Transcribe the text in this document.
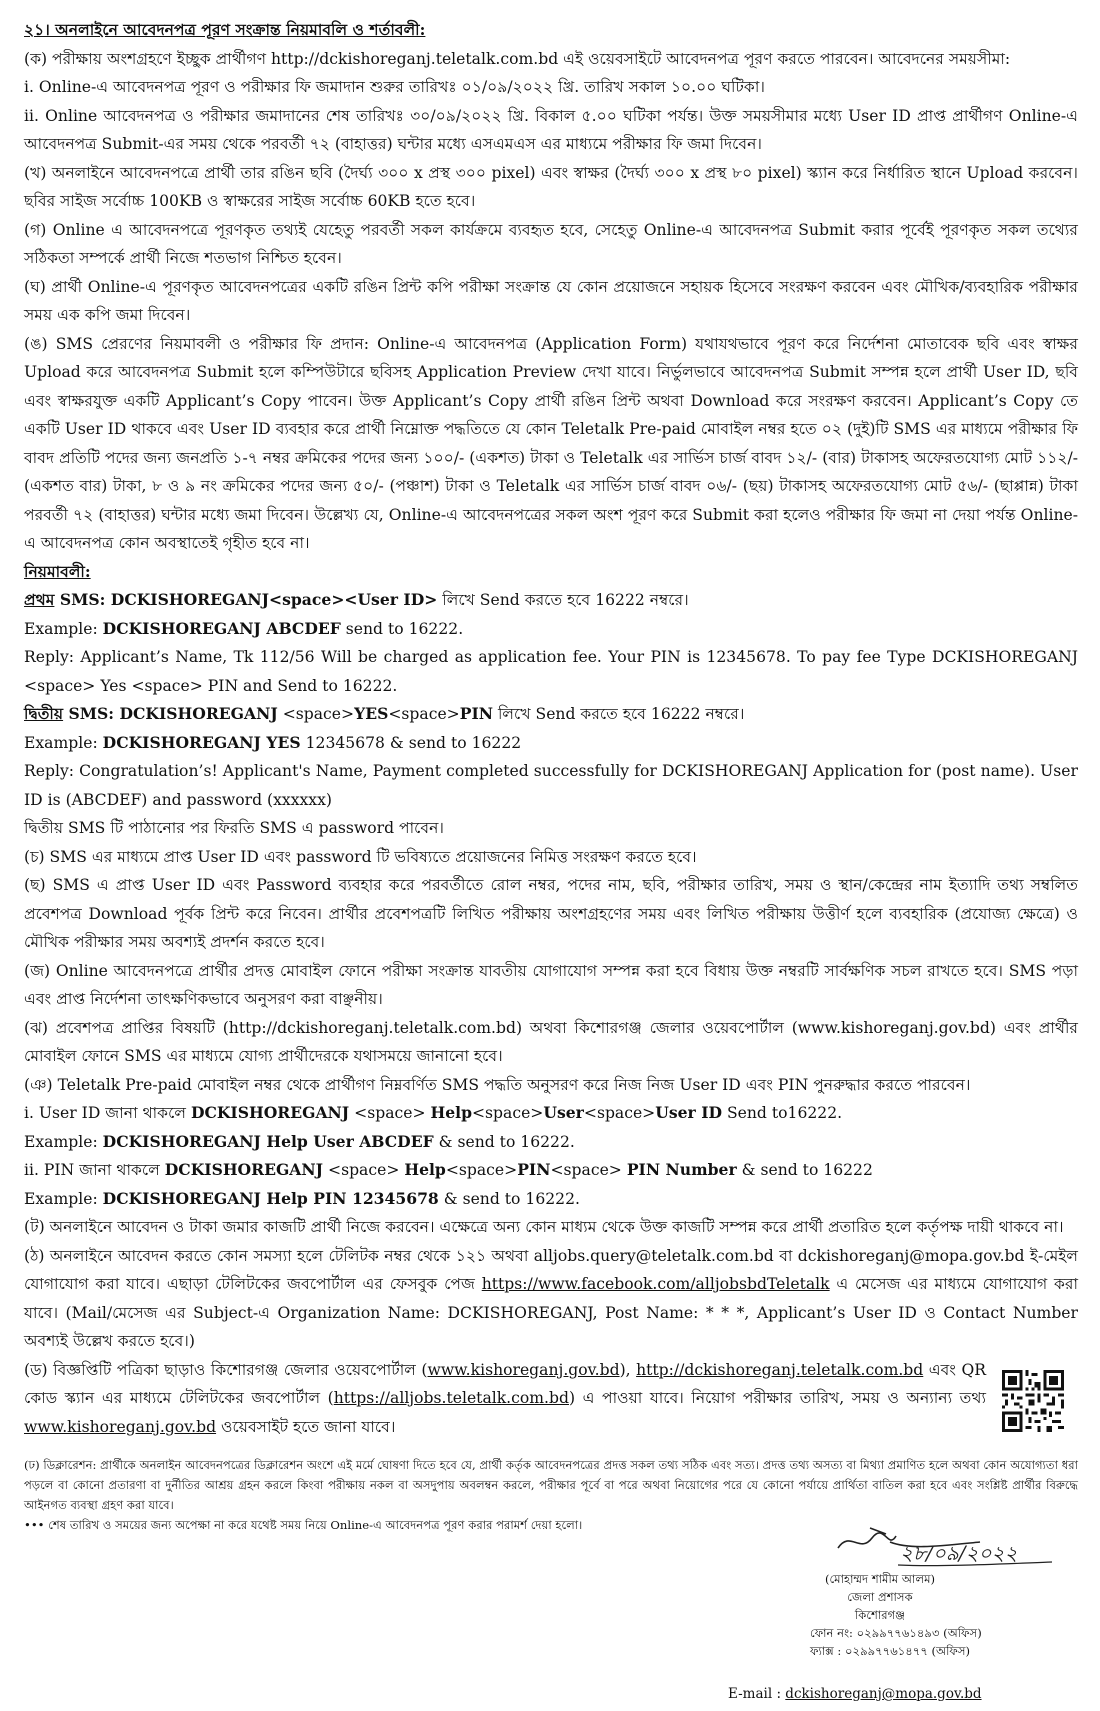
২১। অনলাইনে আবেদনপত্র পূরণ সংক্রান্ত নিয়মাবলি ও শর্তাবলী:

(ক) পরীক্ষায় অংশগ্রহণে ইচ্ছুক প্রার্থীগণ http://dckishoreganj.teletalk.com.bd এই ওয়েবসাইটে আবেদনপত্র পূরণ করতে পারবেন। আবেদনের সময়সীমা:

i. Online-এ আবেদনপত্র পূরণ ও পরীক্ষার ফি জমাদান শুরুর তারিখঃ ০১/০৯/২০২২ খ্রি. তারিখ সকাল ১০.০০ ঘটিকা।

ii. Online আবেদনপত্র ও পরীক্ষার জমাদানের শেষ তারিখঃ ৩০/০৯/২০২২ খ্রি. বিকাল ৫.০০ ঘটিকা পর্যন্ত। উক্ত সময়সীমার মধ্যে User ID প্রাপ্ত প্রার্থীগণ Online-এ আবেদনপত্র Submit-এর সময় থেকে পরবর্তী ৭২ (বাহাত্তর) ঘন্টার মধ্যে এসএমএস এর মাধ্যমে পরীক্ষার ফি জমা দিবেন।

(খ) অনলাইনে আবেদনপত্রে প্রার্থী তার রঙিন ছবি (দৈর্ঘ্য ৩০০ x প্রস্থ ৩০০ pixel) এবং স্বাক্ষর (দৈর্ঘ্য ৩০০ x প্রস্থ ৮০ pixel) স্ক্যান করে নির্ধারিত স্থানে Upload করবেন। ছবির সাইজ সর্বোচ্চ 100KB ও স্বাক্ষরের সাইজ সর্বোচ্চ 60KB হতে হবে।

(গ) Online এ আবেদনপত্রে পূরণকৃত তথ্যই যেহেতু পরবর্তী সকল কার্যক্রমে ব্যবহৃত হবে, সেহেতু Online-এ আবেদনপত্র Submit করার পূর্বেই পূরণকৃত সকল তথ্যের সঠিকতা সম্পর্কে প্রার্থী নিজে শতভাগ নিশ্চিত হবেন।

(ঘ) প্রার্থী Online-এ পূরণকৃত আবেদনপত্রের একটি রঙিন প্রিন্ট কপি পরীক্ষা সংক্রান্ত যে কোন প্রয়োজনে সহায়ক হিসেবে সংরক্ষণ করবেন এবং মৌখিক/ব্যবহারিক পরীক্ষার সময় এক কপি জমা দিবেন।

(ঙ) SMS প্রেরণের নিয়মাবলী ও পরীক্ষার ফি প্রদান: Online-এ আবেদনপত্র (Application Form) যথাযথভাবে পূরণ করে নির্দেশনা মোতাবেক ছবি এবং স্বাক্ষর Upload করে আবেদনপত্র Submit হলে কম্পিউটারে ছবিসহ Application Preview দেখা যাবে। নির্ভুলভাবে আবেদনপত্র Submit সম্পন্ন হলে প্রার্থী User ID, ছবি এবং স্বাক্ষরযুক্ত একটি Applicant’s Copy পাবেন। উক্ত Applicant’s Copy প্রার্থী রঙিন প্রিন্ট অথবা Download করে সংরক্ষণ করবেন। Applicant’s Copy তে একটি User ID থাকবে এবং User ID ব্যবহার করে প্রার্থী নিম্নোক্ত পদ্ধতিতে যে কোন Teletalk Pre-paid মোবাইল নম্বর হতে ০২ (দুই)টি SMS এর মাধ্যমে পরীক্ষার ফি বাবদ প্রতিটি পদের জন্য জনপ্রতি ১-৭ নম্বর ক্রমিকের পদের জন্য ১০০/- (একশত) টাকা ও Teletalk এর সার্ভিস চার্জ বাবদ ১২/- (বার) টাকাসহ অফেরতযোগ্য মোট ১১২/- (একশত বার) টাকা, ৮ ও ৯ নং ক্রমিকের পদের জন্য ৫০/- (পঞ্চাশ) টাকা ও Teletalk এর সার্ভিস চার্জ বাবদ ০৬/- (ছয়) টাকাসহ অফেরতযোগ্য মোট ৫৬/- (ছাপ্পান্ন) টাকা পরবর্তী ৭২ (বাহাত্তর) ঘন্টার মধ্যে জমা দিবেন। উল্লেখ্য যে, Online-এ আবেদনপত্রের সকল অংশ পূরণ করে Submit করা হলেও পরীক্ষার ফি জমা না দেয়া পর্যন্ত Online-এ আবেদনপত্র কোন অবস্থাতেই গৃহীত হবে না।

নিয়মাবলী:

প্রথম SMS: DCKISHOREGANJ<space><User ID> লিখে Send করতে হবে 16222 নম্বরে।

Example: DCKISHOREGANJ ABCDEF send to 16222.

Reply: Applicant’s Name, Tk 112/56 Will be charged as application fee. Your PIN is 12345678. To pay fee Type DCKISHOREGANJ <space> Yes <space> PIN and Send to 16222.

দ্বিতীয় SMS: DCKISHOREGANJ <space>YES<space>PIN লিখে Send করতে হবে 16222 নম্বরে।

Example: DCKISHOREGANJ YES 12345678 & send to 16222

Reply: Congratulation’s! Applicant's Name, Payment completed successfully for DCKISHOREGANJ Application for (post name). User ID is (ABCDEF) and password (xxxxxx)

দ্বিতীয় SMS টি পাঠানোর পর ফিরতি SMS এ password পাবেন।

(চ) SMS এর মাধ্যমে প্রাপ্ত User ID এবং password টি ভবিষ্যতে প্রয়োজনের নিমিত্ত সংরক্ষণ করতে হবে।

(ছ) SMS এ প্রাপ্ত User ID এবং Password ব্যবহার করে পরবর্তীতে রোল নম্বর, পদের নাম, ছবি, পরীক্ষার তারিখ, সময় ও স্থান/কেন্দ্রের নাম ইত্যাদি তথ্য সম্বলিত প্রবেশপত্র Download পূর্বক প্রিন্ট করে নিবেন। প্রার্থীর প্রবেশপত্রটি লিখিত পরীক্ষায় অংশগ্রহণের সময় এবং লিখিত পরীক্ষায় উত্তীর্ণ হলে ব্যবহারিক (প্রযোজ্য ক্ষেত্রে) ও মৌখিক পরীক্ষার সময় অবশ্যই প্রদর্শন করতে হবে।

(জ) Online আবেদনপত্রে প্রার্থীর প্রদত্ত মোবাইল ফোনে পরীক্ষা সংক্রান্ত যাবতীয় যোগাযোগ সম্পন্ন করা হবে বিধায় উক্ত নম্বরটি সার্বক্ষণিক সচল রাখতে হবে। SMS পড়া এবং প্রাপ্ত নির্দেশনা তাৎক্ষণিকভাবে অনুসরণ করা বাঞ্ছনীয়।

(ঝ) প্রবেশপত্র প্রাপ্তির বিষয়টি (http://dckishoreganj.teletalk.com.bd) অথবা কিশোরগঞ্জ জেলার ওয়েবপোর্টাল (www.kishoreganj.gov.bd) এবং প্রার্থীর মোবাইল ফোনে SMS এর মাধ্যমে যোগ্য প্রার্থীদেরকে যথাসময়ে জানানো হবে।

(ঞ) Teletalk Pre-paid মোবাইল নম্বর থেকে প্রার্থীগণ নিম্নবর্ণিত SMS পদ্ধতি অনুসরণ করে নিজ নিজ User ID এবং PIN পুনরুদ্ধার করতে পারবেন।

i. User ID জানা থাকলে DCKISHOREGANJ <space> Help<space>User<space>User ID Send to16222.

Example: DCKISHOREGANJ Help User ABCDEF & send to 16222.

ii. PIN জানা থাকলে DCKISHOREGANJ <space> Help<space>PIN<space> PIN Number & send to 16222

Example: DCKISHOREGANJ Help PIN 12345678 & send to 16222.

(ট) অনলাইনে আবেদন ও টাকা জমার কাজটি প্রার্থী নিজে করবেন। এক্ষেত্রে অন্য কোন মাধ্যম থেকে উক্ত কাজটি সম্পন্ন করে প্রার্থী প্রতারিত হলে কর্তৃপক্ষ দায়ী থাকবে না।

(ঠ) অনলাইনে আবেদন করতে কোন সমস্যা হলে টেলিটক নম্বর থেকে ১২১ অথবা alljobs.query@teletalk.com.bd বা dckishoreganj@mopa.gov.bd ই-মেইল যোগাযোগ করা যাবে। এছাড়া টেলিটকের জবপোর্টাল এর ফেসবুক পেজ https://www.facebook.com/alljobsbdTeletalk এ মেসেজ এর মাধ্যমে যোগাযোগ করা যাবে। (Mail/মেসেজ এর Subject-এ Organization Name: DCKISHOREGANJ, Post Name: * * *, Applicant’s User ID ও Contact Number অবশ্যই উল্লেখ করতে হবে।)

(ড) বিজ্ঞপ্তিটি পত্রিকা ছাড়াও কিশোরগঞ্জ জেলার ওয়েবপোর্টাল (www.kishoreganj.gov.bd), http://dckishoreganj.teletalk.com.bd এবং QR কোড স্ক্যান এর মাধ্যমে টেলিটকের জবপোর্টাল (https://alljobs.teletalk.com.bd) এ পাওয়া যাবে। নিয়োগ পরীক্ষার তারিখ, সময় ও অন্যান্য তথ্য www.kishoreganj.gov.bd ওয়েবসাইট হতে জানা যাবে।

(ঢ) ডিক্লারেশন: প্রার্থীকে অনলাইন আবেদনপত্রের ডিক্লারেশন অংশে এই মর্মে ঘোষণা দিতে হবে যে, প্রার্থী কর্তৃক আবেদনপত্রের প্রদত্ত সকল তথ্য সঠিক এবং সত্য। প্রদত্ত তথ্য অসত্য বা মিথ্যা প্রমাণিত হলে অথবা কোন অযোগ্যতা ধরা পড়লে বা কোনো প্রতারণা বা দুর্নীতির আশ্রয় গ্রহন করলে কিংবা পরীক্ষায় নকল বা অসদুপায় অবলম্বন করলে, পরীক্ষার পূর্বে বা পরে অথবা নিয়োগের পরে যে কোনো পর্যায়ে প্রার্থিতা বাতিল করা হবে এবং সংশ্লিষ্ট প্রার্থীর বিরুদ্ধে আইনগত ব্যবস্থা গ্রহণ করা যাবে।

••• শেষ তারিখ ও সময়ের জন্য অপেক্ষা না করে যথেষ্ট সময় নিয়ে Online-এ আবেদনপত্র পূরণ করার পরামর্শ দেয়া হলো।

২৮/০৯/২০২২
(মোহাম্মদ শামীম আলম)
জেলা প্রশাসক
কিশোরগঞ্জ
ফোন নং: ০২৯৯৭৭৬১৪৯৩ (অফিস)
ফ্যাক্স : ০২৯৯৭৭৬১৪৭৭ (অফিস)
E-mail : dckishoreganj@mopa.gov.bd
